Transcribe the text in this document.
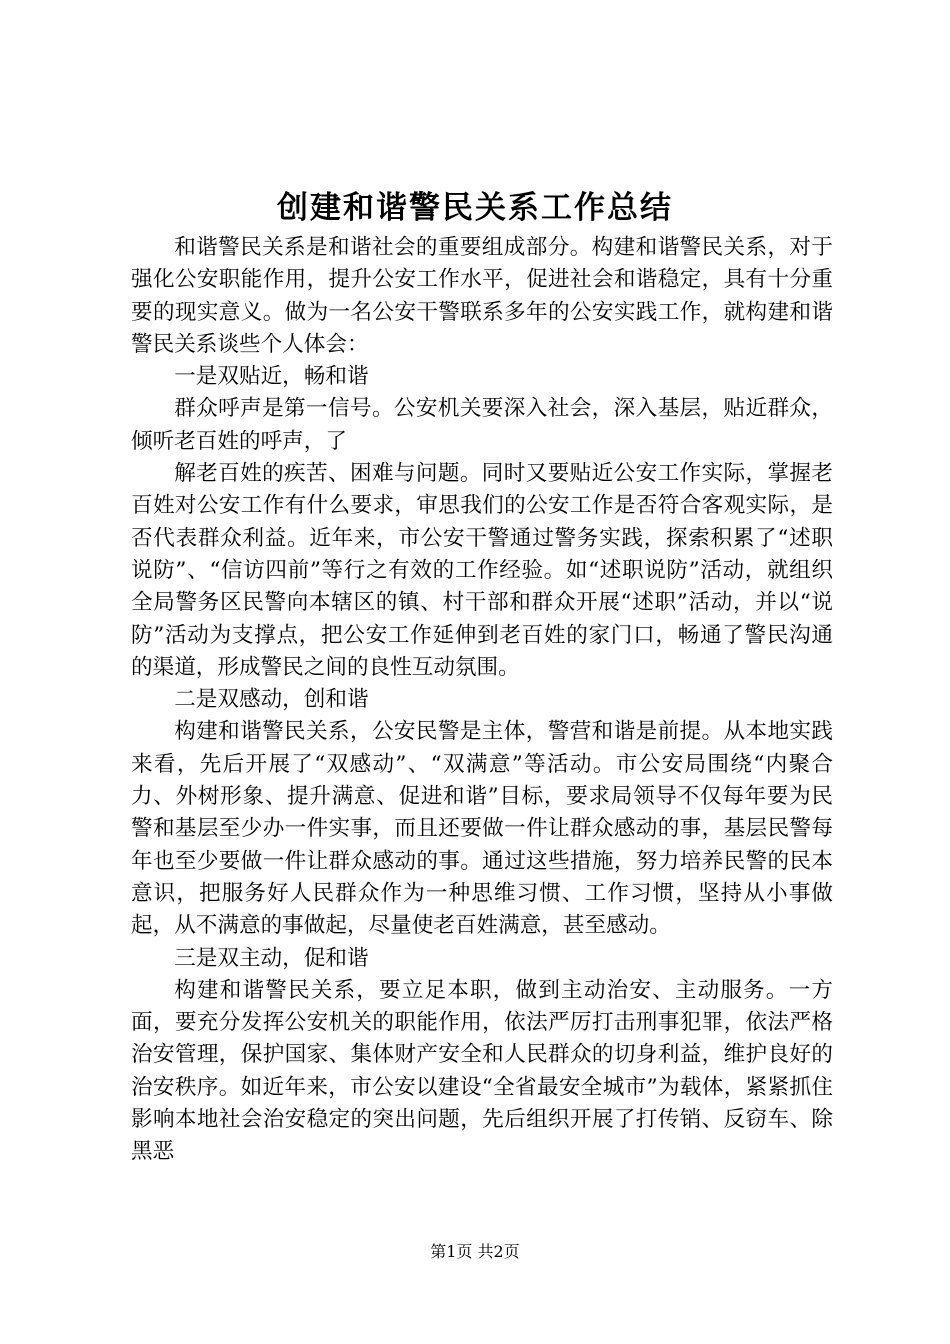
创建和谐警民关系工作总结

和谐警民关系是和谐社会的重要组成部分。构建和谐警民关系，对于强化公安职能作用，提升公安工作水平，促进社会和谐稳定，具有十分重要的现实意义。做为一名公安干警联系多年的公安实践工作，就构建和谐警民关系谈些个人体会：

一是双贴近，畅和谐

群众呼声是第一信号。公安机关要深入社会，深入基层，贴近群众，倾听老百姓的呼声，了

解老百姓的疾苦、困难与问题。同时又要贴近公安工作实际，掌握老百姓对公安工作有什么要求，审思我们的公安工作是否符合客观实际，是否代表群众利益。近年来，市公安干警通过警务实践，探索积累了“述职说防”、“信访四前”等行之有效的工作经验。如“述职说防”活动，就组织全局警务区民警向本辖区的镇、村干部和群众开展“述职”活动，并以“说防”活动为支撑点，把公安工作延伸到老百姓的家门口，畅通了警民沟通的渠道，形成警民之间的良性互动氛围。

二是双感动，创和谐

构建和谐警民关系，公安民警是主体，警营和谐是前提。从本地实践来看，先后开展了“双感动”、“双满意”等活动。市公安局围绕“内聚合力、外树形象、提升满意、促进和谐”目标，要求局领导不仅每年要为民警和基层至少办一件实事，而且还要做一件让群众感动的事，基层民警每年也至少要做一件让群众感动的事。通过这些措施，努力培养民警的民本意识，把服务好人民群众作为一种思维习惯、工作习惯，坚持从小事做起，从不满意的事做起，尽量使老百姓满意，甚至感动。

三是双主动，促和谐

构建和谐警民关系，要立足本职，做到主动治安、主动服务。一方面，要充分发挥公安机关的职能作用，依法严厉打击刑事犯罪，依法严格治安管理，保护国家、集体财产安全和人民群众的切身利益，维护良好的治安秩序。如近年来，市公安以建设“全省最安全城市”为载体，紧紧抓住影响本地社会治安稳定的突出问题，先后组织开展了打传销、反窃车、除黑恶

第1页 共2页
